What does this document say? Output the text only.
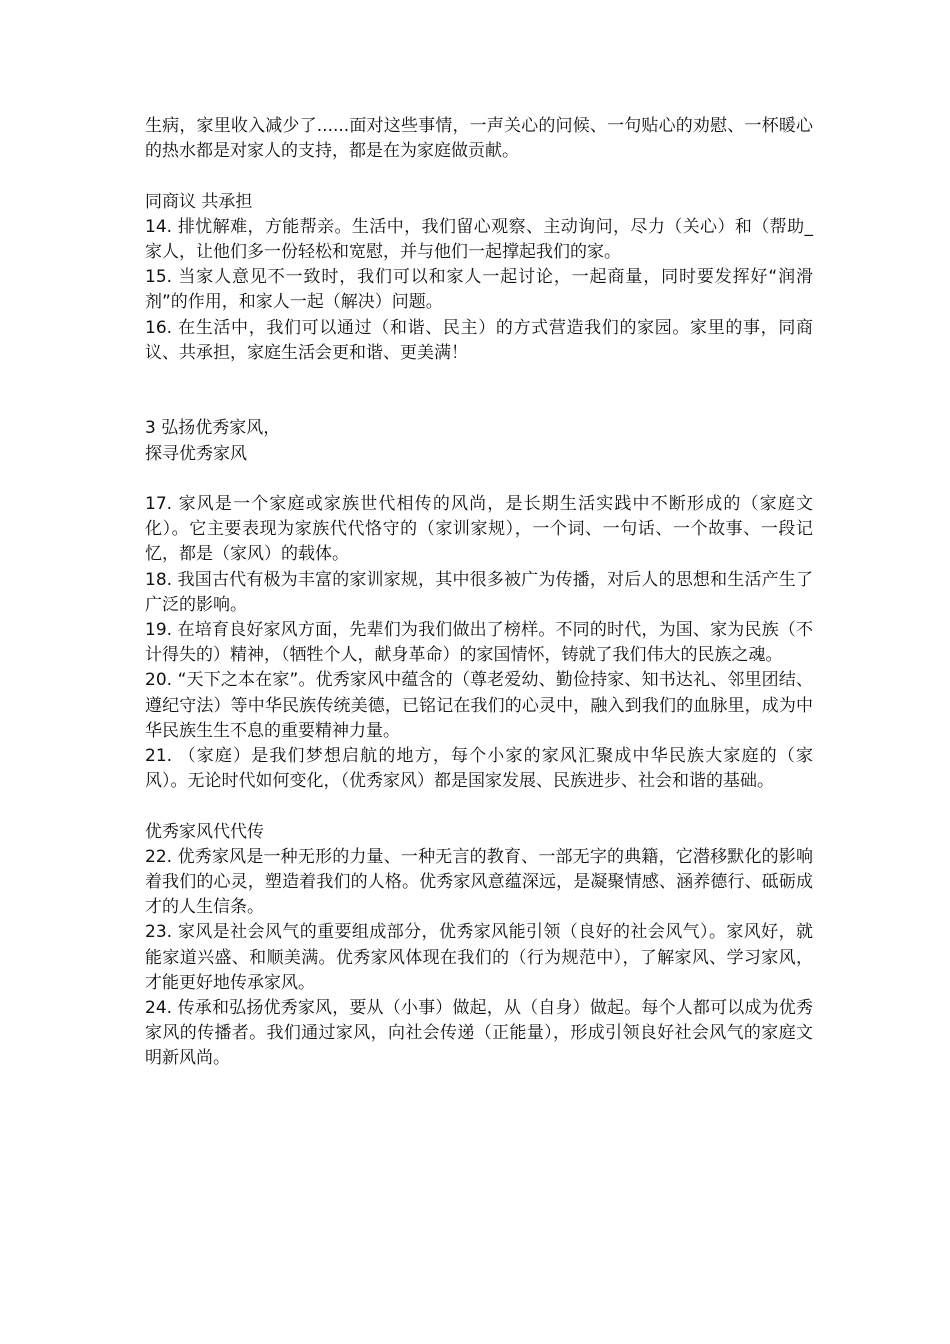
生病，家里收入减少了......面对这些事情，一声关心的问候、一句贴心的劝慰、一杯暖心的热水都是对家人的支持，都是在为家庭做贡献。

同商议 共承担

14. 排忧解难，方能帮亲。生活中，我们留心观察、主动询问，尽力（关心）和（帮助_家人，让他们多一份轻松和宽慰，并与他们一起撑起我们的家。

15. 当家人意见不一致时，我们可以和家人一起讨论，一起商量，同时要发挥好“润滑剂”的作用，和家人一起（解决）问题。

16. 在生活中，我们可以通过（和谐、民主）的方式营造我们的家园。家里的事，同商议、共承担，家庭生活会更和谐、更美满！

3 弘扬优秀家风，

探寻优秀家风

17. 家风是一个家庭或家族世代相传的风尚，是长期生活实践中不断形成的（家庭文化）。它主要表现为家族代代恪守的（家训家规），一个词、一句话、一个故事、一段记忆，都是（家风）的载体。

18. 我国古代有极为丰富的家训家规，其中很多被广为传播，对后人的思想和生活产生了广泛的影响。

19. 在培育良好家风方面，先辈们为我们做出了榜样。不同的时代，为国、家为民族（不计得失的）精神，（牺牲个人，献身革命）的家国情怀，铸就了我们伟大的民族之魂。

20. “天下之本在家”。优秀家风中蕴含的（尊老爱幼、勤俭持家、知书达礼、邻里团结、遵纪守法）等中华民族传统美德，已铭记在我们的心灵中，融入到我们的血脉里，成为中华民族生生不息的重要精神力量。

21. （家庭）是我们梦想启航的地方，每个小家的家风汇聚成中华民族大家庭的（家风）。无论时代如何变化，（优秀家风）都是国家发展、民族进步、社会和谐的基础。

优秀家风代代传

22. 优秀家风是一种无形的力量、一种无言的教育、一部无字的典籍，它潜移默化的影响着我们的心灵，塑造着我们的人格。优秀家风意蕴深远，是凝聚情感、涵养德行、砥砺成才的人生信条。

23. 家风是社会风气的重要组成部分，优秀家风能引领（良好的社会风气）。家风好，就能家道兴盛、和顺美满。优秀家风体现在我们的（行为规范中），了解家风、学习家风，才能更好地传承家风。

24. 传承和弘扬优秀家风，要从（小事）做起，从（自身）做起。每个人都可以成为优秀家风的传播者。我们通过家风，向社会传递（正能量），形成引领良好社会风气的家庭文明新风尚。
